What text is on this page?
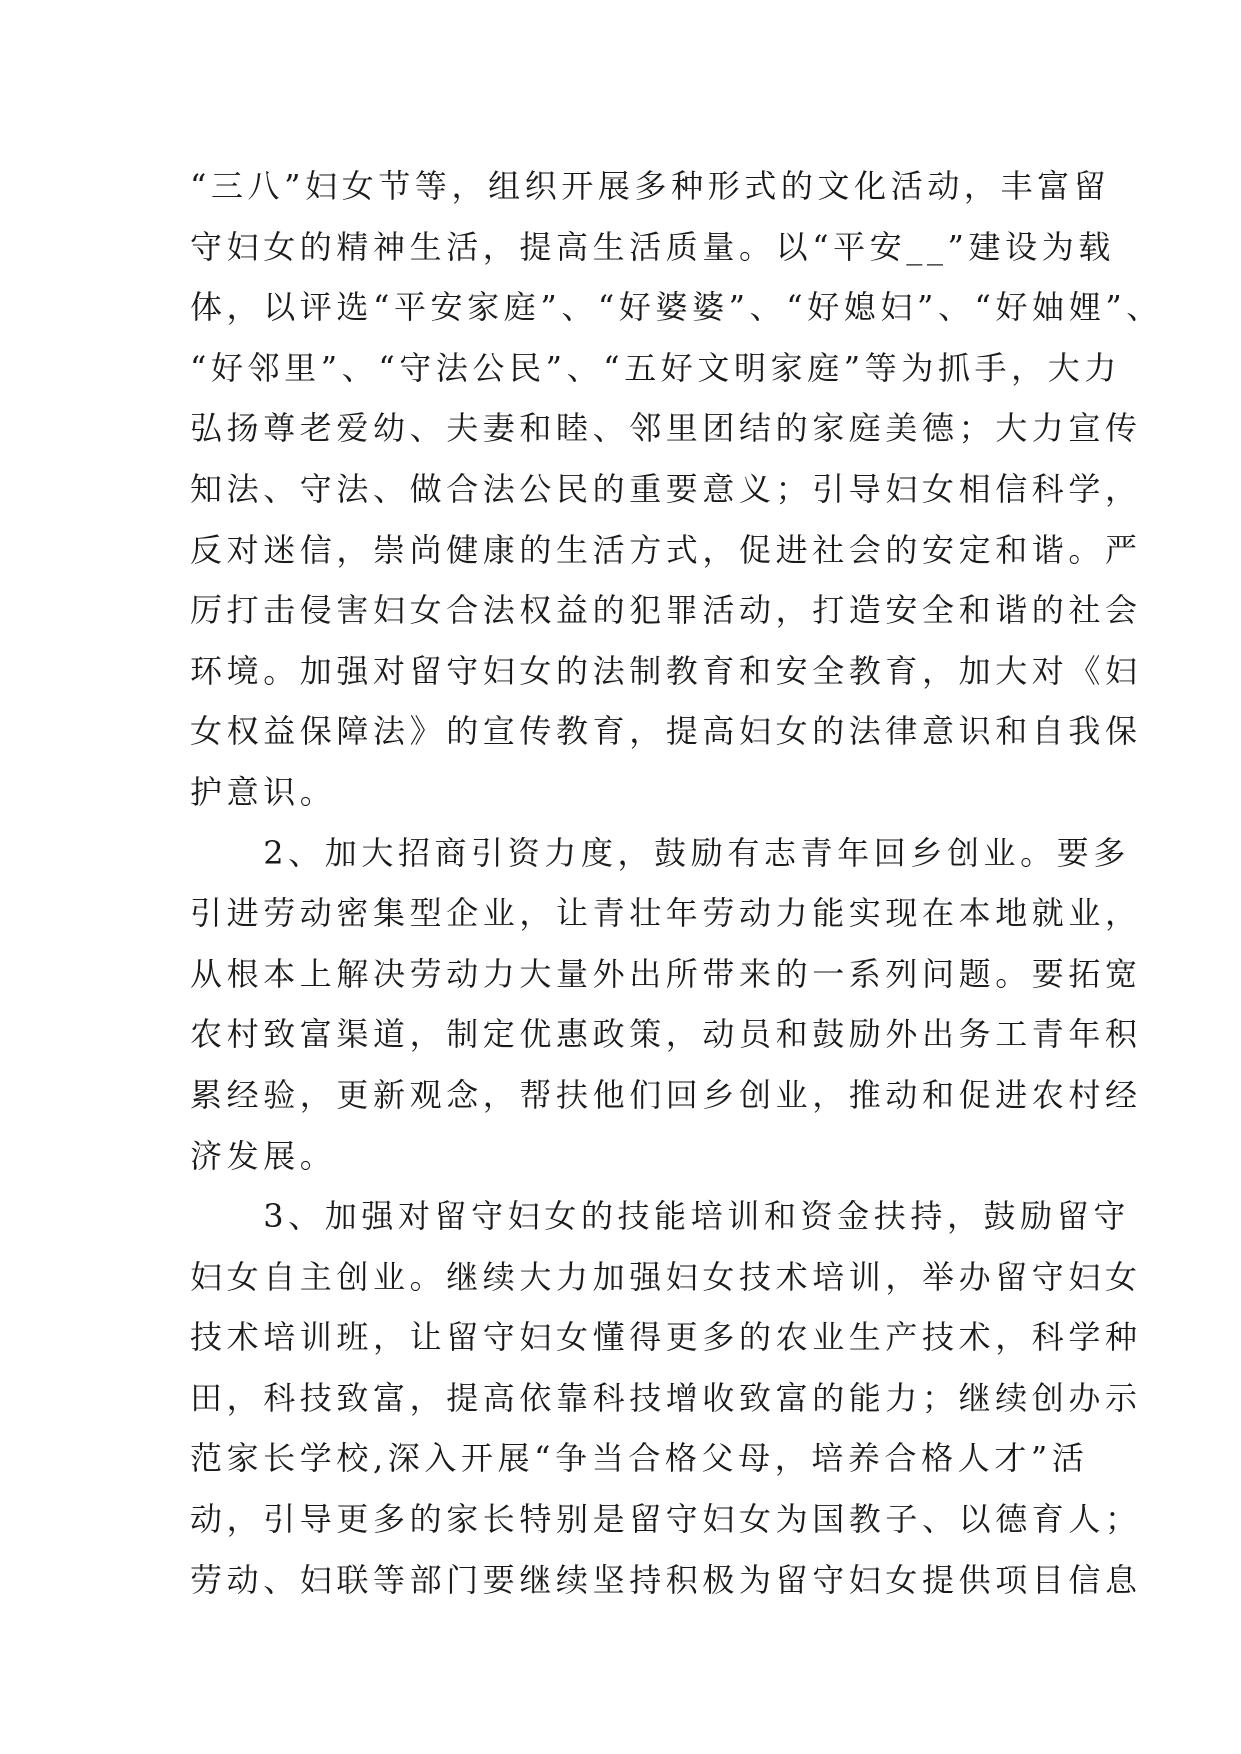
“三八”妇女节等，组织开展多种形式的文化活动，丰富留
守妇女的精神生活，提高生活质量。以“平安__”建设为载
体，以评选“平安家庭”、“好婆婆”、“好媳妇”、“好妯娌”、
“好邻里”、“守法公民”、“五好文明家庭”等为抓手，大力
弘扬尊老爱幼、夫妻和睦、邻里团结的家庭美德；大力宣传
知法、守法、做合法公民的重要意义；引导妇女相信科学，
反对迷信，崇尚健康的生活方式，促进社会的安定和谐。严
厉打击侵害妇女合法权益的犯罪活动，打造安全和谐的社会
环境。加强对留守妇女的法制教育和安全教育，加大对《妇
女权益保障法》的宣传教育，提高妇女的法律意识和自我保
护意识。
　　2、加大招商引资力度，鼓励有志青年回乡创业。要多
引进劳动密集型企业，让青壮年劳动力能实现在本地就业，
从根本上解决劳动力大量外出所带来的一系列问题。要拓宽
农村致富渠道，制定优惠政策，动员和鼓励外出务工青年积
累经验，更新观念，帮扶他们回乡创业，推动和促进农村经
济发展。
　　3、加强对留守妇女的技能培训和资金扶持，鼓励留守
妇女自主创业。继续大力加强妇女技术培训，举办留守妇女
技术培训班，让留守妇女懂得更多的农业生产技术，科学种
田，科技致富，提高依靠科技增收致富的能力；继续创办示
范家长学校,深入开展“争当合格父母，培养合格人才”活
动，引导更多的家长特别是留守妇女为国教子、以德育人；
劳动、妇联等部门要继续坚持积极为留守妇女提供项目信息
